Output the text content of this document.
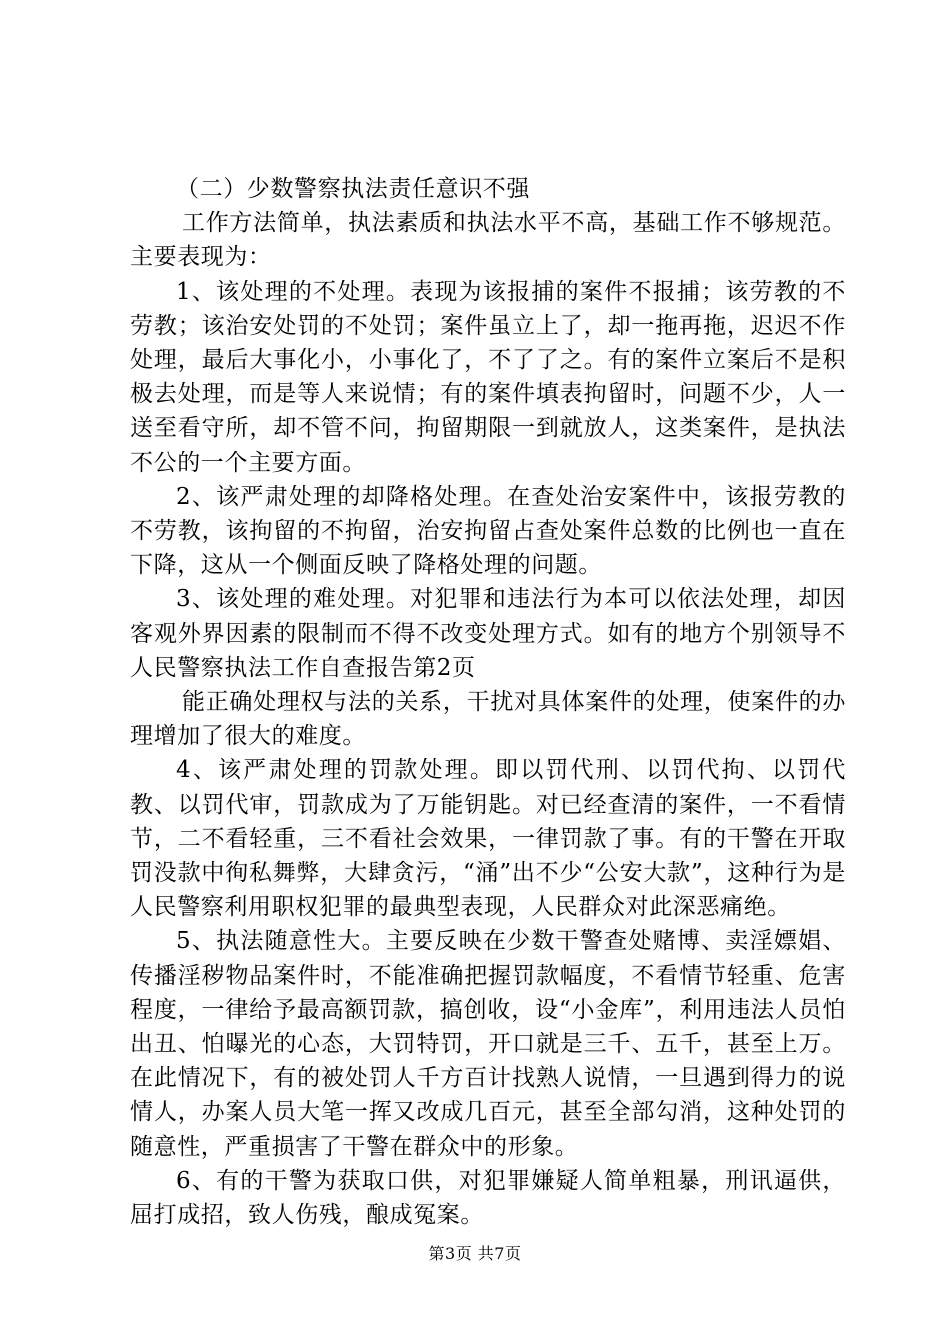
（二）少数警察执法责任意识不强

工作方法简单，执法素质和执法水平不高，基础工作不够规范。主要表现为：

1、该处理的不处理。表现为该报捕的案件不报捕；该劳教的不劳教；该治安处罚的不处罚；案件虽立上了，却一拖再拖，迟迟不作处理，最后大事化小，小事化了，不了了之。有的案件立案后不是积极去处理，而是等人来说情；有的案件填表拘留时，问题不少，人一送至看守所，却不管不问，拘留期限一到就放人，这类案件，是执法不公的一个主要方面。

2、该严肃处理的却降格处理。在查处治安案件中，该报劳教的不劳教，该拘留的不拘留，治安拘留占查处案件总数的比例也一直在下降，这从一个侧面反映了降格处理的问题。

3、该处理的难处理。对犯罪和违法行为本可以依法处理，却因客观外界因素的限制而不得不改变处理方式。如有的地方个别领导不人民警察执法工作自查报告第2页

能正确处理权与法的关系，干扰对具体案件的处理，使案件的办理增加了很大的难度。

4、该严肃处理的罚款处理。即以罚代刑、以罚代拘、以罚代教、以罚代审，罚款成为了万能钥匙。对已经查清的案件，一不看情节，二不看轻重，三不看社会效果，一律罚款了事。有的干警在开取罚没款中徇私舞弊，大肆贪污，“涌”出不少“公安大款”，这种行为是人民警察利用职权犯罪的最典型表现，人民群众对此深恶痛绝。

5、执法随意性大。主要反映在少数干警查处赌博、卖淫嫖娼、传播淫秽物品案件时，不能准确把握罚款幅度，不看情节轻重、危害程度，一律给予最高额罚款，搞创收，设“小金库”，利用违法人员怕出丑、怕曝光的心态，大罚特罚，开口就是三千、五千，甚至上万。在此情况下，有的被处罚人千方百计找熟人说情，一旦遇到得力的说情人，办案人员大笔一挥又改成几百元，甚至全部勾消，这种处罚的随意性，严重损害了干警在群众中的形象。

6、有的干警为获取口供，对犯罪嫌疑人简单粗暴，刑讯逼供，屈打成招，致人伤残，酿成冤案。

第3页 共7页
